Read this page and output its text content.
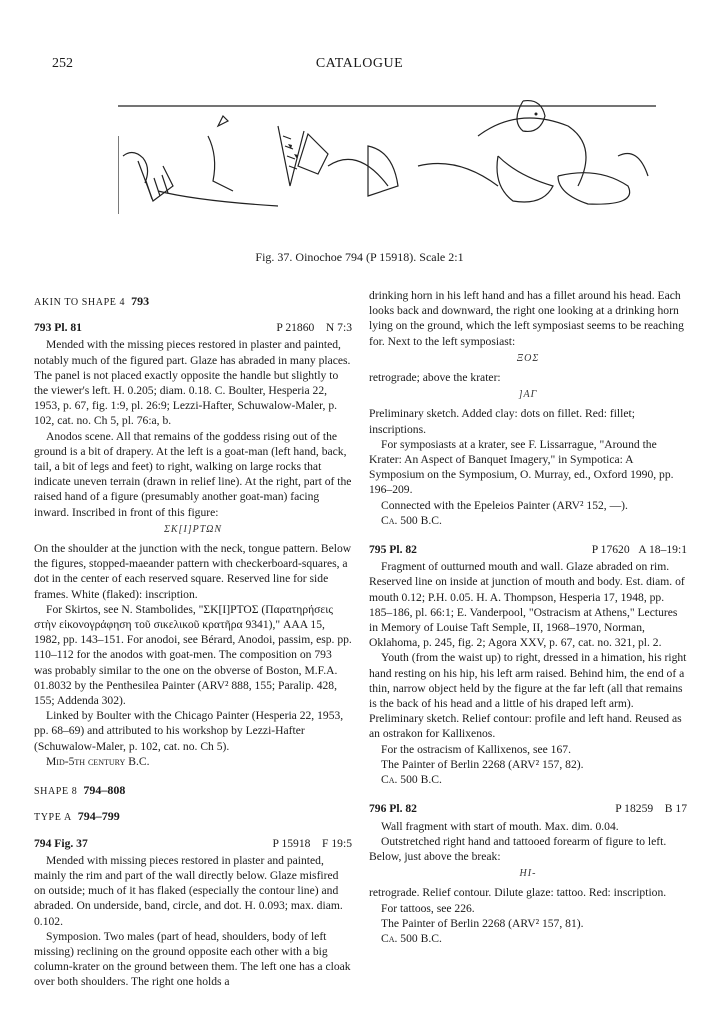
252	CATALOGUE
Fig. 37. Oinochoe 794 (P 15918). Scale 2:1
AKIN TO SHAPE 4 793
793 Pl. 81	P 21860 N 7:3

Mended with the missing pieces restored in plaster and painted, notably much of the figured part. Glaze has abraded in many places. The panel is not placed exactly opposite the handle but slightly to the viewer's left. H. 0.205; diam. 0.18. C. Boulter, Hesperia 22, 1953, p. 67, fig. 1:9, pl. 26:9; Lezzi-Hafter, Schuwalow-Maler, p. 102, cat. no. Ch 5, pl. 76:a, b.

Anodos scene. All that remains of the goddess rising out of the ground is a bit of drapery. At the left is a goat-man (left hand, back, tail, a bit of legs and feet) to right, walking on large rocks that indicate uneven terrain (drawn in relief line). At the right, part of the raised hand of a figure (presumably another goat-man) facing inward. Inscribed in front of this figure:

ΣΚ[Ι]ΡΤΩΝ

On the shoulder at the junction with the neck, tongue pattern. Below the figures, stopped-maeander pattern with checkerboard-squares, a dot in the center of each reserved square. Reserved line for side frames. White (flaked): inscription.

For Skirtos, see N. Stambolides, "ΣΚ[Ι]ΡΤΟΣ (Παρατηρήσεις στὴν εἰκονογράφηση τοῦ σικελικοῦ κρατῆρα 9341)," AAA 15, 1982, pp. 143–151. For anodoi, see Bérard, Anodoi, passim, esp. pp. 110–112 for the anodos with goat-men. The composition on 793 was probably similar to the one on the obverse of Boston, M.F.A. 01.8032 by the Penthesilea Painter (ARV² 888, 155; Paralip. 428, 155; Addenda 302).

Linked by Boulter with the Chicago Painter (Hesperia 22, 1953, pp. 68–69) and attributed to his workshop by Lezzi-Hafter (Schuwalow-Maler, p. 102, cat. no. Ch 5).

Mid-5th century B.C.

SHAPE 8 794–808
TYPE A 794–799
794 Fig. 37	P 15918 F 19:5

Mended with missing pieces restored in plaster and painted, mainly the rim and part of the wall directly below. Glaze misfired on outside; much of it has flaked (especially the contour line) and abraded. On underside, band, circle, and dot. H. 0.093; max. diam. 0.102.

Symposion. Two males (part of head, shoulders, body of left missing) reclining on the ground opposite each other with a big column-krater on the ground between them. The left one has a cloak over both shoulders. The right one holds a

drinking horn in his left hand and has a fillet around his head. Each looks back and downward, the right one looking at a drinking horn lying on the ground, which the left symposiast seems to be reaching for. Next to the left symposiast:

ΞΟΣ

retrograde; above the krater:

]ΑΓ

Preliminary sketch. Added clay: dots on fillet. Red: fillet; inscriptions.

For symposiasts at a krater, see F. Lissarrague, "Around the Krater: An Aspect of Banquet Imagery," in Sympotica: A Symposium on the Symposium, O. Murray, ed., Oxford 1990, pp. 196–209.

Connected with the Epeleios Painter (ARV² 152, —).

Ca. 500 B.C.

795 Pl. 82	P 17620 A 18–19:1

Fragment of outturned mouth and wall. Glaze abraded on rim. Reserved line on inside at junction of mouth and body. Est. diam. of mouth 0.12; P.H. 0.05. H. A. Thompson, Hesperia 17, 1948, pp. 185–186, pl. 66:1; E. Vanderpool, "Ostracism at Athens," Lectures in Memory of Louise Taft Semple, II, 1968–1970, Norman, Oklahoma, p. 245, fig. 2; Agora XXV, p. 67, cat. no. 321, pl. 2.

Youth (from the waist up) to right, dressed in a himation, his right hand resting on his hip, his left arm raised. Behind him, the end of a thin, narrow object held by the figure at the far left (all that remains is the back of his head and a little of his draped left arm). Preliminary sketch. Relief contour: profile and left hand. Reused as an ostrakon for Kallixenos.

For the ostracism of Kallixenos, see 167.

The Painter of Berlin 2268 (ARV² 157, 82).

Ca. 500 B.C.

796 Pl. 82	P 18259 B 17

Wall fragment with start of mouth. Max. dim. 0.04.

Outstretched right hand and tattooed forearm of figure to left. Below, just above the break:

ΗΙ-

retrograde. Relief contour. Dilute glaze: tattoo. Red: inscription.

For tattoos, see 226.

The Painter of Berlin 2268 (ARV² 157, 81).

Ca. 500 B.C.
